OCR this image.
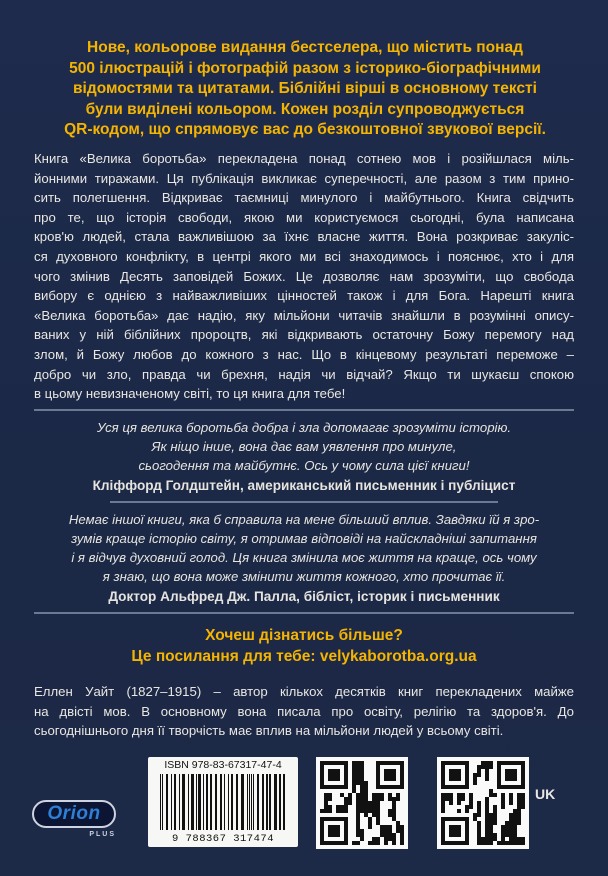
Нове, кольорове видання бестселера, що містить понад
500 ілюстрацій і фотографій разом з історико-біографічними
відомостями та цитатами. Біблійні вірші в основному тексті
були виділені кольором. Кожен розділ супроводжується
QR-кодом, що спрямовує вас до безкоштовної звукової версії.
Книга «Велика боротьба» перекладена понад сотнею мов і розійшлася міль-
йонними тиражами. Ця публікація викликає суперечності, але разом з тим прино-
сить полегшення. Відкриває таємниці минулого і майбутнього. Книга свідчить
про те, що історія свободи, якою ми користуємося сьогодні, була написана
кров'ю людей, стала важливішою за їхнє власне життя. Вона розкриває закуліс-
ся духовного конфлікту, в центрі якого ми всі знаходимось і пояснює, хто і для
чого змінив Десять заповідей Божих. Це дозволяє нам зрозуміти, що свобода
вибору є однією з найважливіших цінностей також і для Бога. Нарешті книга
«Велика боротьба» дає надію, яку мільйони читачів знайшли в розумінні опису-
ваних у ній біблійних пророцтв, які відкривають остаточну Божу перемогу над
злом, й Божу любов до кожного з нас. Що в кінцевому результаті переможе –
добро чи зло, правда чи брехня, надія чи відчай? Якщо ти шукаєш спокою
в цьому невизначеному світі, то ця книга для тебе!
Уся ця велика боротьба добра і зла допомагає зрозуміти історію.
Як ніщо інше, вона дає вам уявлення про минуле,
сьогодення та майбутнє. Ось у чому сила цієї книги!
Кліффорд Голдштейн, американський письменник і публіцист
Немає іншої книги, яка б справила на мене більший вплив. Завдяки їй я зро-
зумів краще історію світу, я отримав відповіді на найскладніші запитання
і я відчув духовний голод. Ця книга змінила моє життя на краще, ось чому
я знаю, що вона може змінити життя кожного, хто прочитає її.
Доктор Альфред Дж. Палла, бібліст, історик і письменник
Хочеш дізнатись більше?
Це посилання для тебе: velykaborotba.org.ua
Еллен Уайт (1827–1915) – автор кількох десятків книг перекладених майже
на двісті мов. В основному вона писала про освіту, релігію та здоров'я. До
сьогоднішнього дня її творчість має вплив на мільйони людей у всьому світі.
Orion
PLUS
ISBN 978-83-67317-47-4
9 788367 317474
UK
